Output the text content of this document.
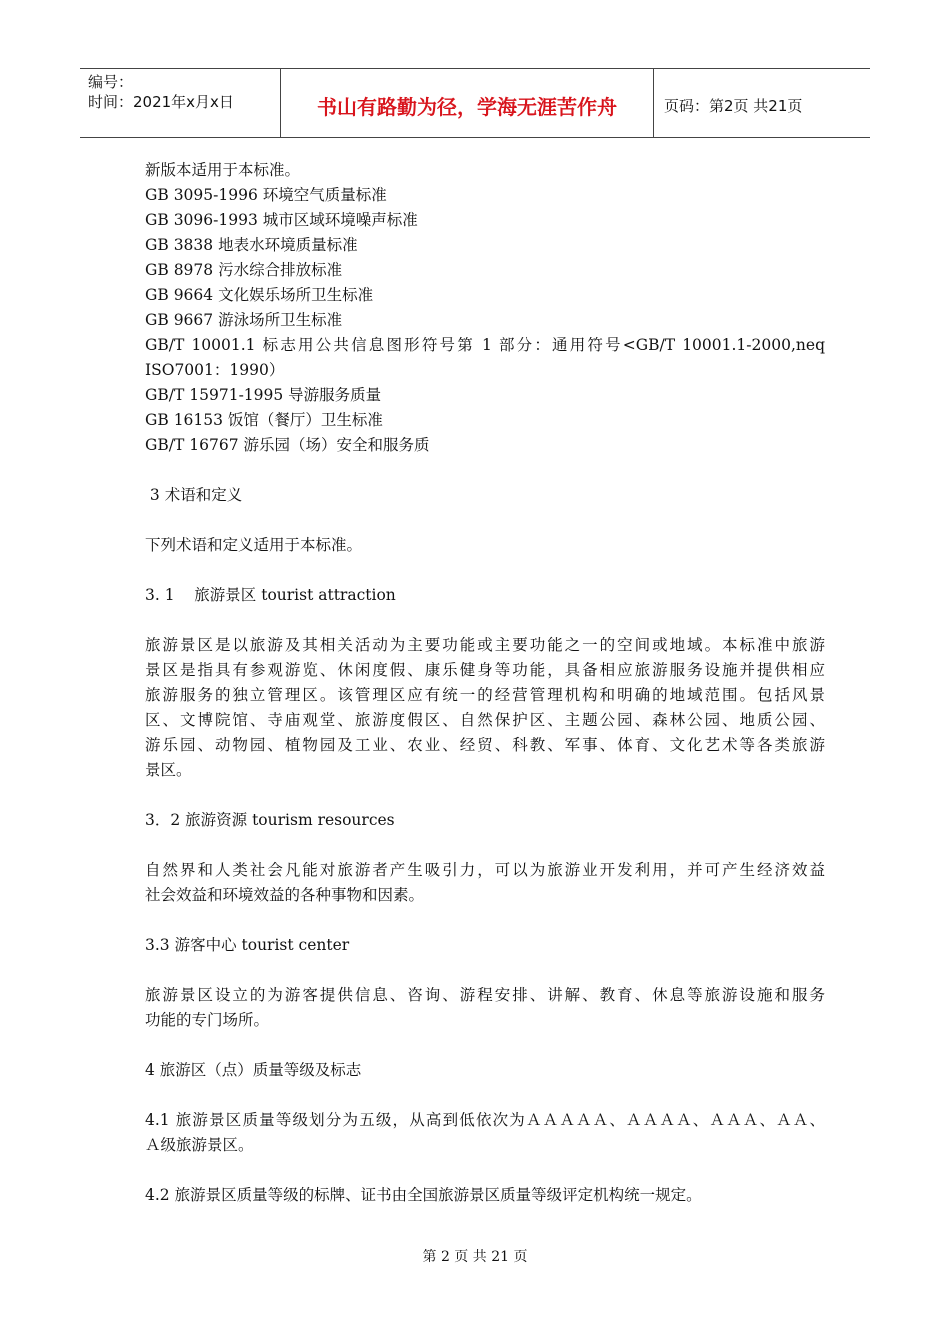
编号：
时间：2021年x月x日	书山有路勤为径，学海无涯苦作舟	页码：第2页 共21页

新版本适用于本标准。

GB 3095-1996 环境空气质量标准

GB 3096-1993 城市区域环境噪声标准

GB 3838 地表水环境质量标准

GB 8978 污水综合排放标准

GB 9664 文化娱乐场所卫生标准

GB 9667 游泳场所卫生标准

GB/T 10001.1 标志用公共信息图形符号第 1 部分：通用符号<GB/T 10001.1-2000,neq

ISO7001：1990）

GB/T 15971-1995 导游服务质量

GB 16153 饭馆（餐厅）卫生标准

GB/T 16767 游乐园（场）安全和服务质

3 术语和定义

下列术语和定义适用于本标准。

3. 1    旅游景区 tourist attraction

旅游景区是以旅游及其相关活动为主要功能或主要功能之一的空间或地域。本标准中旅游

景区是指具有参观游览、休闲度假、康乐健身等功能，具备相应旅游服务设施并提供相应

旅游服务的独立管理区。该管理区应有统一的经营管理机构和明确的地域范围。包括风景

区、文博院馆、寺庙观堂、旅游度假区、自然保护区、主题公园、森林公园、地质公园、

游乐园、动物园、植物园及工业、农业、经贸、科教、军事、体育、文化艺术等各类旅游

景区。

3．2 旅游资源 tourism resources

自然界和人类社会凡能对旅游者产生吸引力，可以为旅游业开发利用，并可产生经济效益

社会效益和环境效益的各种事物和因素。

3.3 游客中心 tourist center

旅游景区设立的为游客提供信息、咨询、游程安排、讲解、教育、休息等旅游设施和服务

功能的专门场所。

4 旅游区（点）质量等级及标志

4.1 旅游景区质量等级划分为五级，从高到低依次为ＡＡＡＡＡ、ＡＡＡＡ、ＡＡＡ、ＡＡ、

Ａ级旅游景区。

4.2 旅游景区质量等级的标牌、证书由全国旅游景区质量等级评定机构统一规定。

第 2 页 共 21 页
